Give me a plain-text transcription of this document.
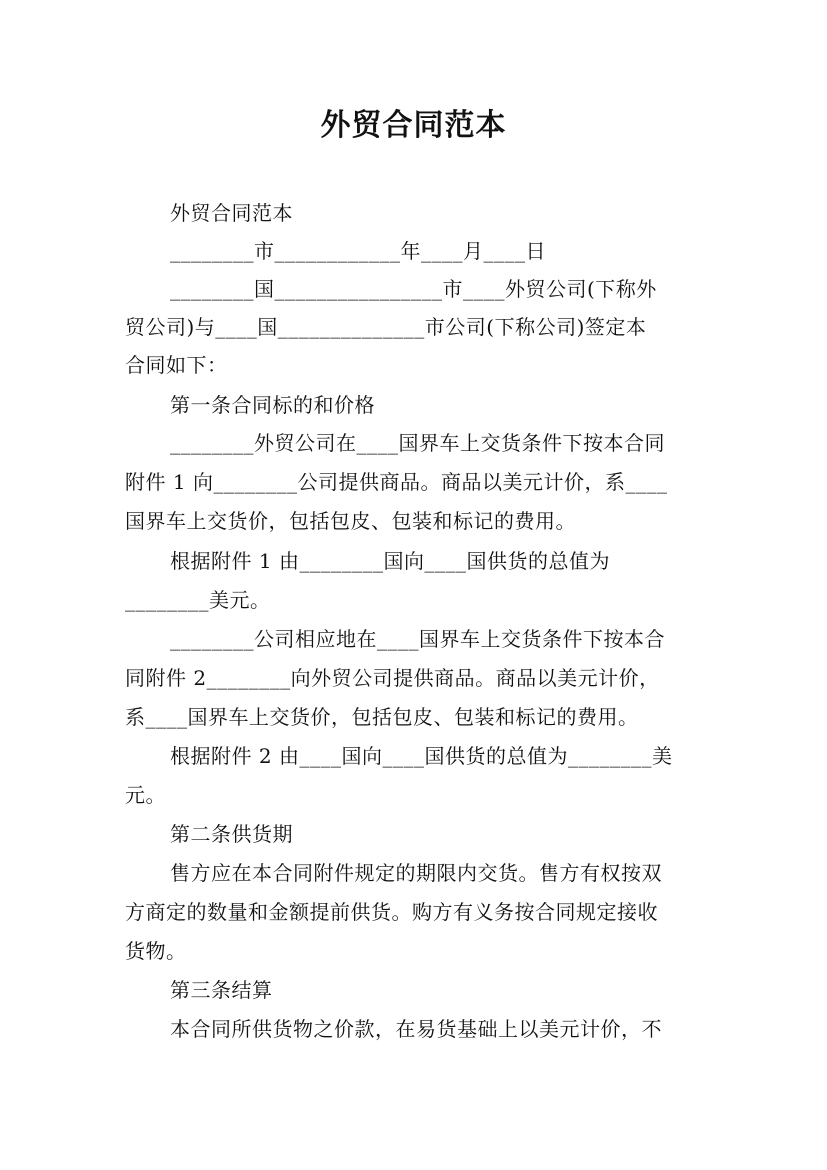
外贸合同范本
外贸合同范本
________市____________年____月____日
________国________________市____外贸公司(下称外
贸公司)与____国______________市公司(下称公司)签定本
合同如下：
第一条合同标的和价格
________外贸公司在____国界车上交货条件下按本合同
附件 1 向________公司提供商品。商品以美元计价，系____
国界车上交货价，包括包皮、包装和标记的费用。
根据附件 1 由________国向____国供货的总值为
________美元。
________公司相应地在____国界车上交货条件下按本合
同附件 2________向外贸公司提供商品。商品以美元计价，
系____国界车上交货价，包括包皮、包装和标记的费用。
根据附件 2 由____国向____国供货的总值为________美
元。
第二条供货期
售方应在本合同附件规定的期限内交货。售方有权按双
方商定的数量和金额提前供货。购方有义务按合同规定接收
货物。
第三条结算
本合同所供货物之价款，在易货基础上以美元计价，不
